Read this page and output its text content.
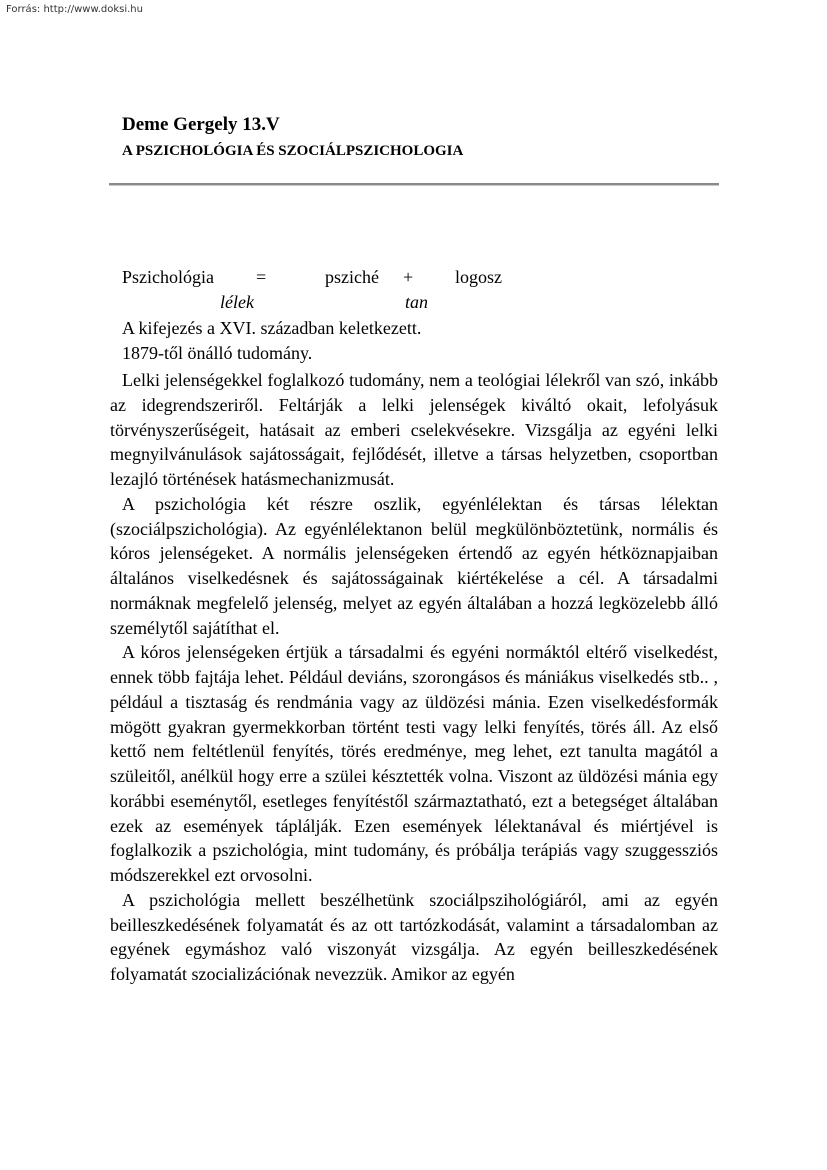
Forrás: http://www.doksi.hu
Deme Gergely 13.V
A PSZICHOLÓGIA ÉS SZOCIÁLPSZICHOLOGIA
Pszichológia =	psziché + logosz
lélek	tan
A kifejezés a XVI. században keletkezett.
1879-től önálló tudomány.

Lelki jelenségekkel foglalkozó tudomány, nem a teológiai lélekről van szó, inkább az idegrendszeriről. Feltárják a lelki jelenségek kiváltó okait, lefolyásuk törvényszerűségeit, hatásait az emberi cselekvésekre. Vizsgálja az egyéni lelki megnyilvánulások sajátosságait, fejlődését, illetve a társas helyzetben, csoportban lezajló történések hatásmechanizmusát.

A pszichológia két részre oszlik, egyénlélektan és társas lélektan (szociálpszichológia). Az egyénlélektanon belül megkülönböztetünk, normális és kóros jelenségeket. A normális jelenségeken értendő az egyén hétköznapjaiban általános viselkedésnek és sajátosságainak kiértékelése a cél. A társadalmi normáknak megfelelő jelenség, melyet az egyén általában a hozzá legközelebb álló személytől sajátíthat el.

A kóros jelenségeken értjük a társadalmi és egyéni normáktól eltérő viselkedést, ennek több fajtája lehet. Például deviáns, szorongásos és mániákus viselkedés stb.. , például a tisztaság és rendmánia vagy az üldözési mánia. Ezen viselkedésformák mögött gyakran gyermekkorban történt testi vagy lelki fenyítés, törés áll. Az első kettő nem feltétlenül fenyítés, törés eredménye, meg lehet, ezt tanulta magától a szüleitől, anélkül hogy erre a szülei késztették volna. Viszont az üldözési mánia egy korábbi eseménytől, esetleges fenyítéstől származtatható, ezt a betegséget általában ezek az események táplálják. Ezen események lélektanával és miértjével is foglalkozik a pszichológia, mint tudomány, és próbálja terápiás vagy szuggessziós módszerekkel ezt orvosolni.

A pszichológia mellett beszélhetünk szociálpszihológiáról, ami az egyén beilleszkedésének folyamatát és az ott tartózkodását, valamint a társadalomban az egyének egymáshoz való viszonyát vizsgálja. Az egyén beilleszkedésének folyamatát szocializációnak nevezzük. Amikor az egyén
